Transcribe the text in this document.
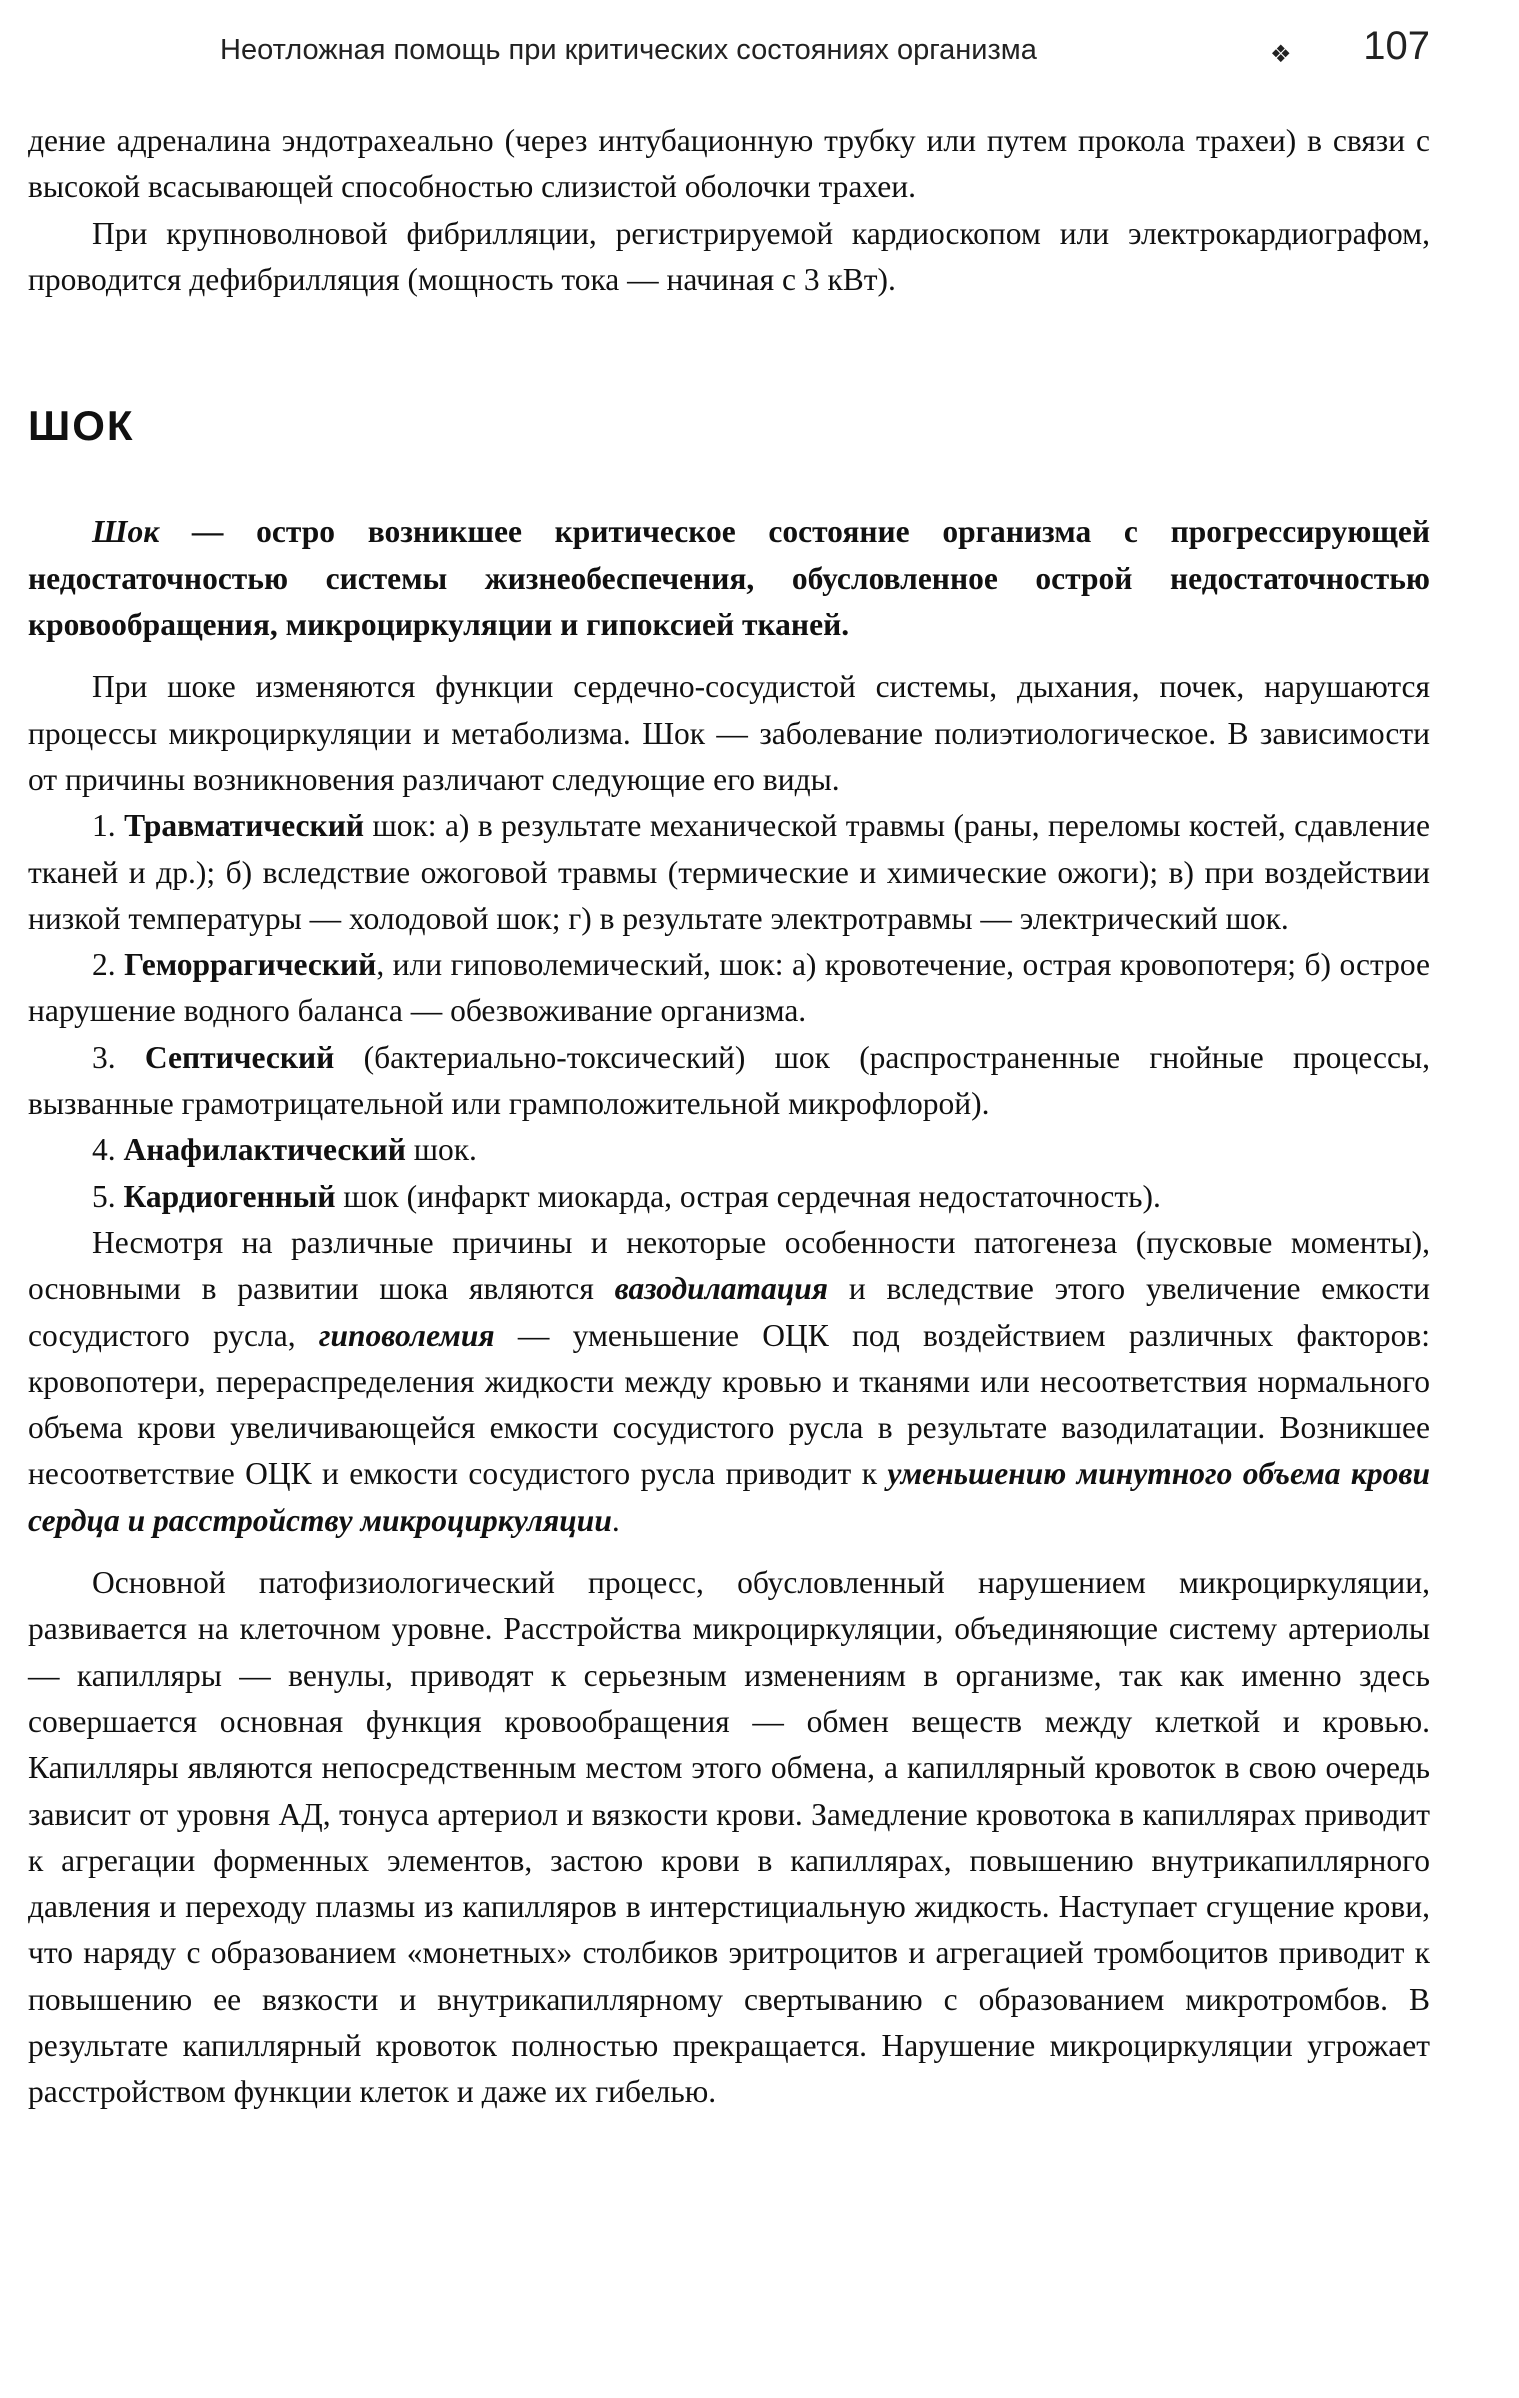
Неотложная помощь при критических состояниях организма	❖ 107

дение адреналина эндотрахеально (через интубационную трубку или путем прокола трахеи) в связи с высокой всасывающей способностью слизистой оболочки трахеи.

При крупноволновой фибрилляции, регистрируемой кардиоскопом или электрокардиографом, проводится дефибрилляция (мощность тока — начиная с 3 кВт).

ШОК

Шок — остро возникшее критическое состояние организма с прогрессирующей недостаточностью системы жизнеобеспечения, обусловленное острой недостаточностью кровообращения, микроциркуляции и гипоксией тканей.

При шоке изменяются функции сердечно-сосудистой системы, дыхания, почек, нарушаются процессы микроциркуляции и метаболизма. Шок — заболевание полиэтиологическое. В зависимости от причины возникновения различают следующие его виды.

1. Травматический шок: а) в результате механической травмы (раны, переломы костей, сдавление тканей и др.); б) вследствие ожоговой травмы (термические и химические ожоги); в) при воздействии низкой температуры — холодовой шок; г) в результате электротравмы — электрический шок.

2. Геморрагический, или гиповолемический, шок: а) кровотечение, острая кровопотеря; б) острое нарушение водного баланса — обезвоживание организма.

3. Септический (бактериально-токсический) шок (распространенные гнойные процессы, вызванные грамотрицательной или грамположительной микрофлорой).

4. Анафилактический шок.

5. Кардиогенный шок (инфаркт миокарда, острая сердечная недостаточность).

Несмотря на различные причины и некоторые особенности патогенеза (пусковые моменты), основными в развитии шока являются вазодилатация и вследствие этого увеличение емкости сосудистого русла, гиповолемия — уменьшение ОЦК под воздействием различных факторов: кровопотери, перераспределения жидкости между кровью и тканями или несоответствия нормального объема крови увеличивающейся емкости сосудистого русла в результате вазодилатации. Возникшее несоответствие ОЦК и емкости сосудистого русла приводит к уменьшению минутного объема крови сердца и расстройству микроциркуляции.

Основной патофизиологический процесс, обусловленный нарушением микроциркуляции, развивается на клеточном уровне. Расстройства микроциркуляции, объединяющие систему артериолы — капилляры — венулы, приводят к серьезным изменениям в организме, так как именно здесь совершается основная функция кровообращения — обмен веществ между клеткой и кровью. Капилляры являются непосредственным местом этого обмена, а капиллярный кровоток в свою очередь зависит от уровня АД, тонуса артериол и вязкости крови. Замедление кровотока в капиллярах приводит к агрегации форменных элементов, застою крови в капиллярах, повышению внутрикапиллярного давления и переходу плазмы из капилляров в интерстициальную жидкость. Наступает сгущение крови, что наряду с образованием «монетных» столбиков эритроцитов и агрегацией тромбоцитов приводит к повышению ее вязкости и внутрикапиллярному свертыванию с образованием микротромбов. В результате капиллярный кровоток полностью прекращается. Нарушение микроциркуляции угрожает расстройством функции клеток и даже их гибелью.
